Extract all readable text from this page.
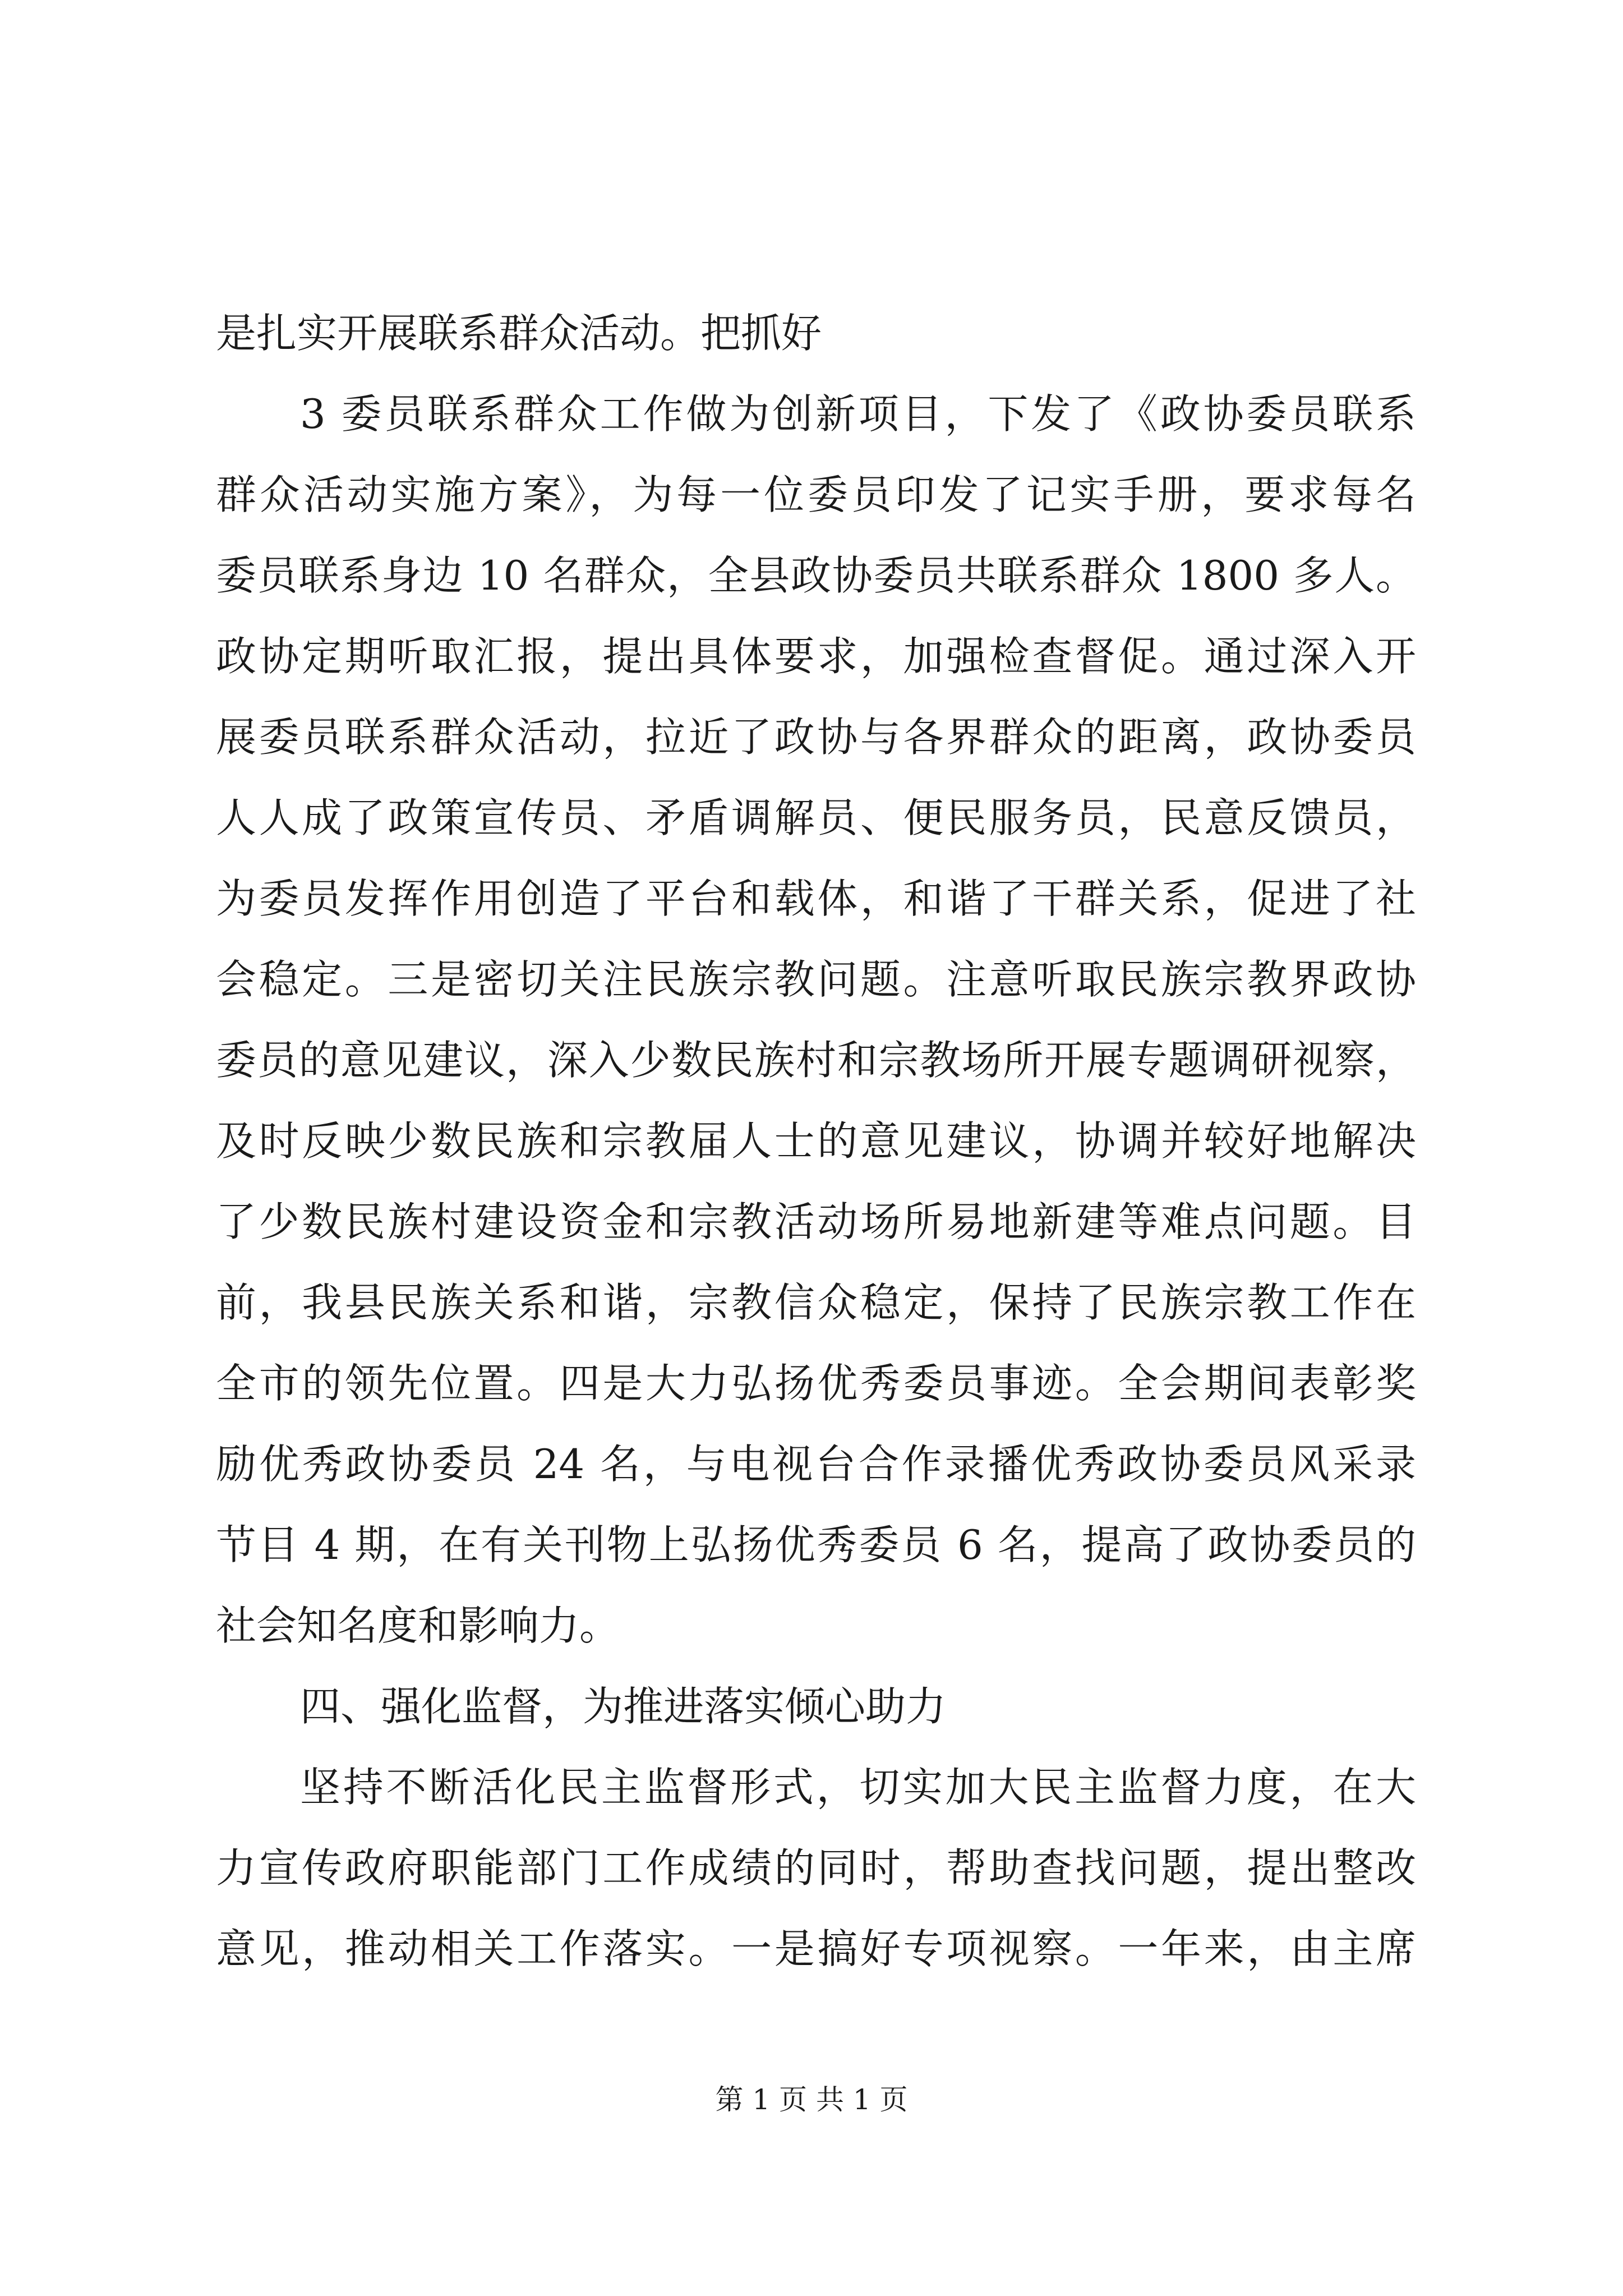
是扎实开展联系群众活动。把抓好
3 委员联系群众工作做为创新项目，下发了《政协委员联系
群众活动实施方案》，为每一位委员印发了记实手册，要求每名
委员联系身边 10 名群众，全县政协委员共联系群众 1800 多人。
政协定期听取汇报，提出具体要求，加强检查督促。通过深入开
展委员联系群众活动，拉近了政协与各界群众的距离，政协委员
人人成了政策宣传员、矛盾调解员、便民服务员，民意反馈员，
为委员发挥作用创造了平台和载体，和谐了干群关系，促进了社
会稳定。三是密切关注民族宗教问题。注意听取民族宗教界政协
委员的意见建议，深入少数民族村和宗教场所开展专题调研视察，
及时反映少数民族和宗教届人士的意见建议，协调并较好地解决
了少数民族村建设资金和宗教活动场所易地新建等难点问题。目
前，我县民族关系和谐，宗教信众稳定，保持了民族宗教工作在
全市的领先位置。四是大力弘扬优秀委员事迹。全会期间表彰奖
励优秀政协委员 24 名，与电视台合作录播优秀政协委员风采录
节目 4 期，在有关刊物上弘扬优秀委员 6 名，提高了政协委员的
社会知名度和影响力。
四、强化监督，为推进落实倾心助力
坚持不断活化民主监督形式，切实加大民主监督力度，在大
力宣传政府职能部门工作成绩的同时，帮助查找问题，提出整改
意见，推动相关工作落实。一是搞好专项视察。一年来，由主席
第 1 页 共 1 页
